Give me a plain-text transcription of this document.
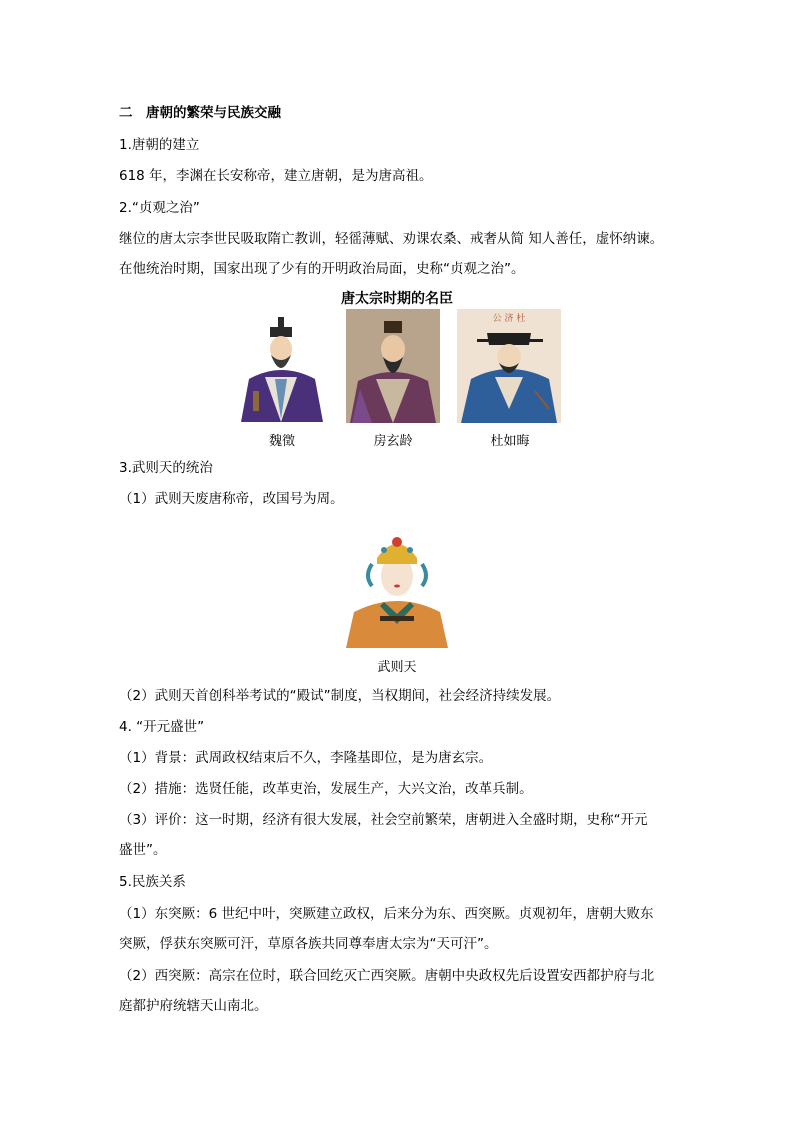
二　唐朝的繁荣与民族交融
1.唐朝的建立
618 年，李渊在长安称帝，建立唐朝，是为唐高祖。
2.“贞观之治”
继位的唐太宗李世民吸取隋亡教训，轻徭薄赋、劝课农桑、戒奢从简 知人善任，虚怀纳谏。
在他统治时期，国家出现了少有的开明政治局面，史称“贞观之治”。
唐太宗时期的名臣
公 济 杜
魏徵	房玄龄	杜如晦
3.武则天的统治
（1）武则天废唐称帝，改国号为周。
武则天
（2）武则天首创科举考试的“殿试”制度，当权期间，社会经济持续发展。
4. “开元盛世”
（1）背景：武周政权结束后不久，李隆基即位，是为唐玄宗。
（2）措施：选贤任能，改革吏治，发展生产，大兴文治，改革兵制。
（3）评价：这一时期，经济有很大发展，社会空前繁荣，唐朝进入全盛时期，史称“开元
盛世”。
5.民族关系
（1）东突厥：6 世纪中叶，突厥建立政权，后来分为东、西突厥。贞观初年，唐朝大败东
突厥，俘获东突厥可汗，草原各族共同尊奉唐太宗为“天可汗”。
（2）西突厥：高宗在位时，联合回纥灭亡西突厥。唐朝中央政权先后设置安西都护府与北
庭都护府统辖天山南北。
